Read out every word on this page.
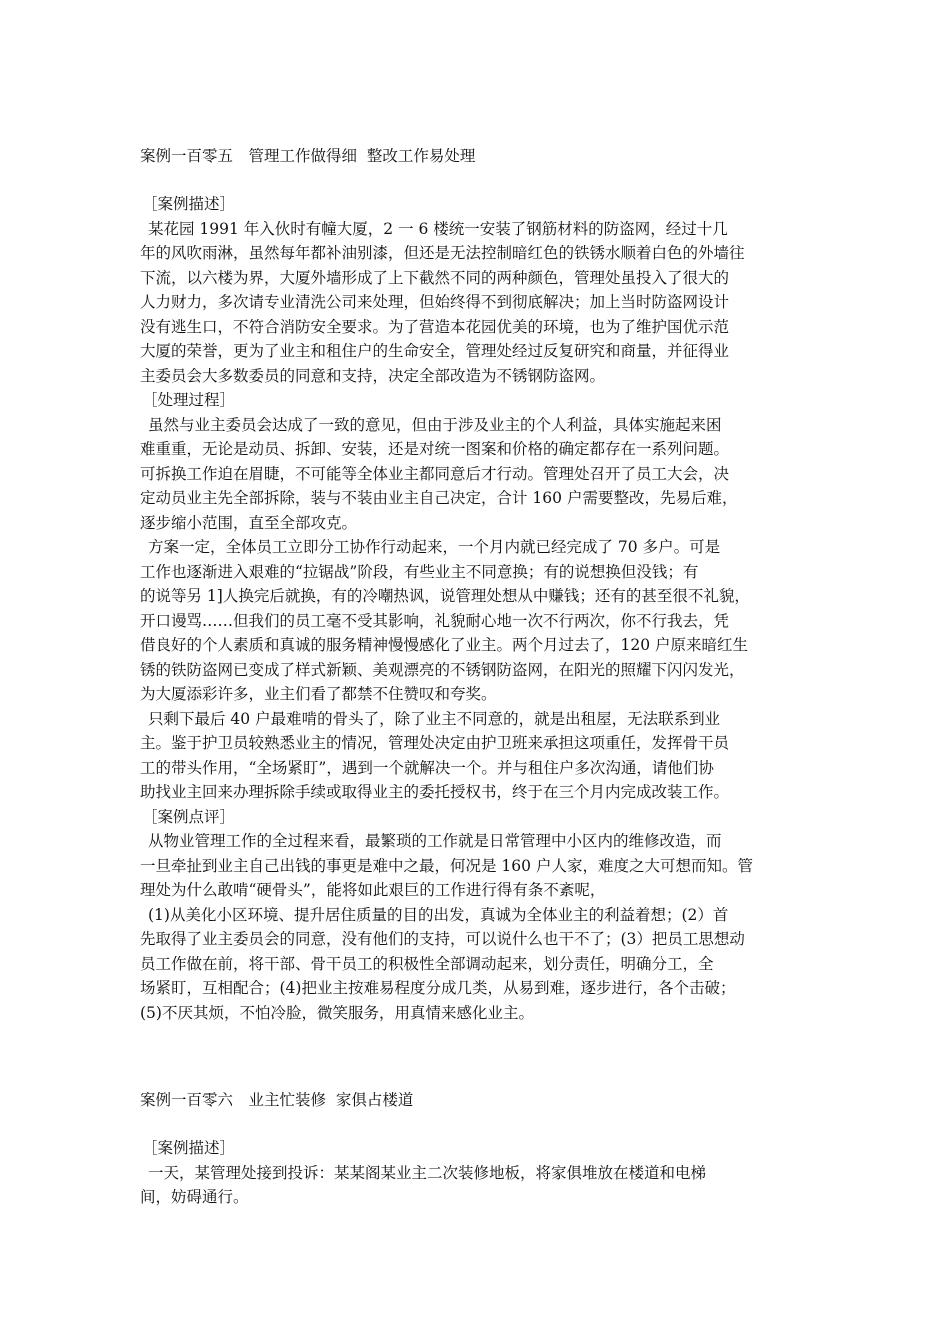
案例一百零五　管理工作做得细  整改工作易处理
［案例描述］
某花园 1991 年入伙时有幢大厦，2 一 6 楼统一安装了钢筋材料的防盗网，经过十几
年的风吹雨淋，虽然每年都补油别漆，但还是无法控制暗红色的铁锈水顺着白色的外墙往
下流，以六楼为界，大厦外墙形成了上下截然不同的两种颜色，管理处虽投入了很大的
人力财力，多次请专业清洗公司来处理，但始终得不到彻底解决；加上当时防盗网设计
没有逃生口，不符合消防安全要求。为了营造本花园优美的环境，也为了维护国优示范
大厦的荣誉，更为了业主和租住户的生命安全，管理处经过反复研究和商量，并征得业
主委员会大多数委员的同意和支持，决定全部改造为不锈钢防盗网。
［处理过程］
虽然与业主委员会达成了一致的意见，但由于涉及业主的个人利益，具体实施起来困
难重重，无论是动员、拆卸、安装，还是对统一图案和价格的确定都存在一系列问题。
可拆换工作迫在眉睫，不可能等全体业主都同意后才行动。管理处召开了员工大会，决
定动员业主先全部拆除，装与不装由业主自己决定，合计 160 户需要整改，先易后难，
逐步缩小范围，直至全部攻克。
方案一定，全体员工立即分工协作行动起来，一个月内就已经完成了 70 多户。可是
工作也逐渐进入艰难的“拉锯战”阶段，有些业主不同意换；有的说想换但没钱；有
的说等另 1]人换完后就换，有的冷嘲热讽，说管理处想从中赚钱；还有的甚至很不礼貌，
开口谩骂……但我们的员工毫不受其影响，礼貌耐心地一次不行两次，你不行我去，凭
借良好的个人素质和真诚的服务精神慢慢感化了业主。两个月过去了，120 户原来暗红生
锈的铁防盗网已变成了样式新颖、美观漂亮的不锈钢防盗网，在阳光的照耀下闪闪发光，
为大厦添彩许多，业主们看了都禁不住赞叹和夸奖。
只剩下最后 40 户最难啃的骨头了，除了业主不同意的，就是出租屋，无法联系到业
主。鉴于护卫员较熟悉业主的情况，管理处决定由护卫班来承担这项重任，发挥骨干员
工的带头作用，“全场紧盯”，遇到一个就解决一个。并与租住户多次沟通，请他们协
助找业主回来办理拆除手续或取得业主的委托授权书，终于在三个月内完成改装工作。
［案例点评］
从物业管理工作的全过程来看，最繁琐的工作就是日常管理中小区内的维修改造，而
一旦牵扯到业主自己出钱的事更是难中之最，何况是 160 户人家，难度之大可想而知。管
理处为什么敢啃“硬骨头”，能将如此艰巨的工作进行得有条不紊呢，
(1)从美化小区环境、提升居住质量的目的出发，真诚为全体业主的利益着想；(2）首
先取得了业主委员会的同意，没有他们的支持，可以说什么也干不了；(3）把员工思想动
员工作做在前，将干部、骨干员工的积极性全部调动起来，划分责任，明确分工，全
场紧盯，互相配合；(4)把业主按难易程度分成几类，从易到难，逐步进行，各个击破；
(5)不厌其烦，不怕冷脸，微笑服务，用真情来感化业主。
案例一百零六　业主忙装修  家俱占楼道
［案例描述］
一天，某管理处接到投诉：某某阁某业主二次装修地板，将家俱堆放在楼道和电梯
间，妨碍通行。
